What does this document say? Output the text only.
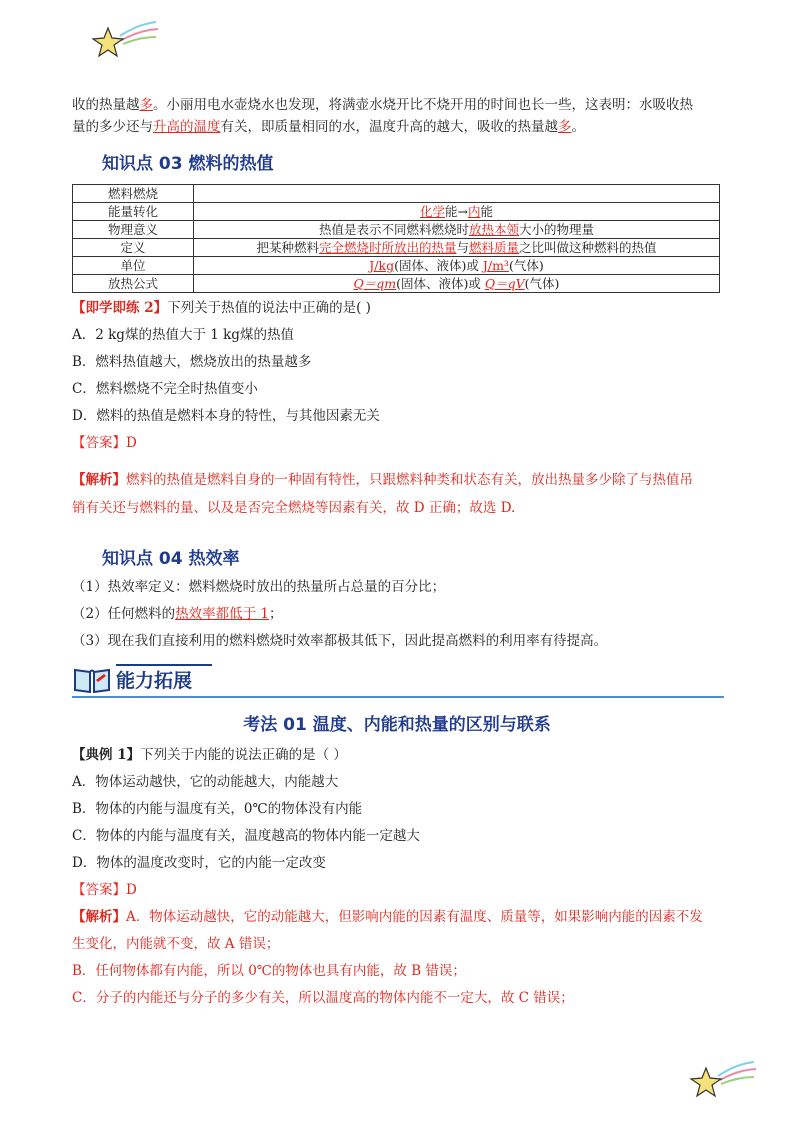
收的热量越多。小丽用电水壶烧水也发现，将满壶水烧开比不烧开用的时间也长一些，这表明：水吸收热
量的多少还与升高的温度有关，即质量相同的水，温度升高的越大，吸收的热量越多。
知识点 03 燃料的热值
燃料燃烧	
能量转化	化学能→内能
物理意义	热值是表示不同燃料燃烧时放热本领大小的物理量
定义	把某种燃料完全燃烧时所放出的热量与燃料质量之比叫做这种燃料的热值
单位	J/kg(固体、液体)或 J/m³(气体)
放热公式	Q＝qm(固体、液体)或 Q＝qV(气体)
【即学即练 2】下列关于热值的说法中正确的是( )
A．2 kg煤的热值大于 1 kg煤的热值
B．燃料热值越大，燃烧放出的热量越多
C．燃料燃烧不完全时热值变小
D．燃料的热值是燃料本身的特性，与其他因素无关
【答案】D
【解析】燃料的热值是燃料自身的一种固有特性，只跟燃料种类和状态有关，放出热量多少除了与热值吊
销有关还与燃料的量、以及是否完全燃烧等因素有关，故 D 正确；故选 D.
知识点 04 热效率
（1）热效率定义：燃料燃烧时放出的热量所占总量的百分比；
（2）任何燃料的热效率都低于 1；
（3）现在我们直接利用的燃料燃烧时效率都极其低下，因此提高燃料的利用率有待提高。
能力拓展
考法 01 温度、内能和热量的区别与联系
【典例 1】下列关于内能的说法正确的是（ ）
A．物体运动越快，它的动能越大，内能越大
B．物体的内能与温度有关，0℃的物体没有内能
C．物体的内能与温度有关，温度越高的物体内能一定越大
D．物体的温度改变时，它的内能一定改变
【答案】D
【解析】A．物体运动越快，它的动能越大，但影响内能的因素有温度、质量等，如果影响内能的因素不发
生变化，内能就不变，故 A 错误；
B．任何物体都有内能，所以 0℃的物体也具有内能，故 B 错误；
C．分子的内能还与分子的多少有关，所以温度高的物体内能不一定大，故 C 错误；
